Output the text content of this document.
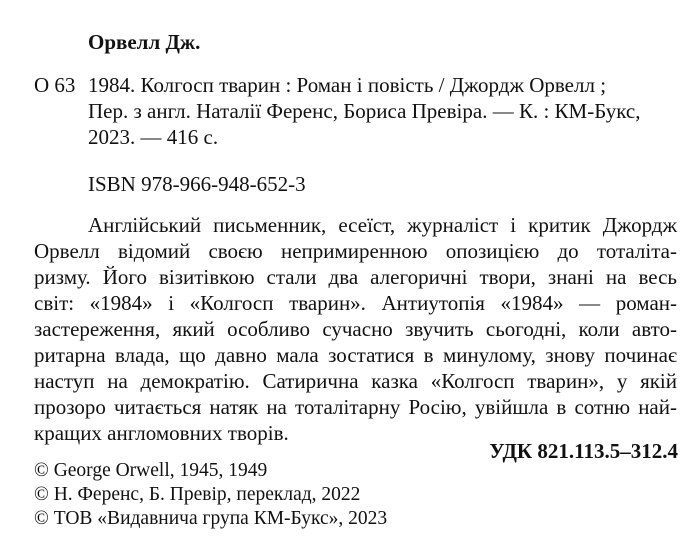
Орвелл Дж.
О 63 1984. Колгосп тварин : Роман і повість / Джордж Орвелл ;
Пер. з англ. Наталії Ференс, Бориса Превіра. — К. : КМ-Букс,
2023. — 416 с.
ISBN 978-966-948-652-3
Англійський письменник, есеїст, журналіст і критик Джордж
Орвелл відомий своєю непримиренною опозицією до тоталіта-
ризму. Його візитівкою стали два алегоричні твори, знані на весь
світ: «1984» і «Колгосп тварин». Антиутопія «1984» — роман-
застереження, який особливо сучасно звучить сьогодні, коли авто-
ритарна влада, що давно мала зостатися в минулому, знову починає
наступ на демократію. Сатирична казка «Колгосп тварин», у якій
прозоро читається натяк на тоталітарну Росію, увійшла в сотню най-
кращих англомовних творів.
УДК 821.113.5–312.4
© George Orwell, 1945, 1949
© Н. Ференс, Б. Превір, переклад, 2022
© ТОВ «Видавнича група КМ-Букс», 2023
